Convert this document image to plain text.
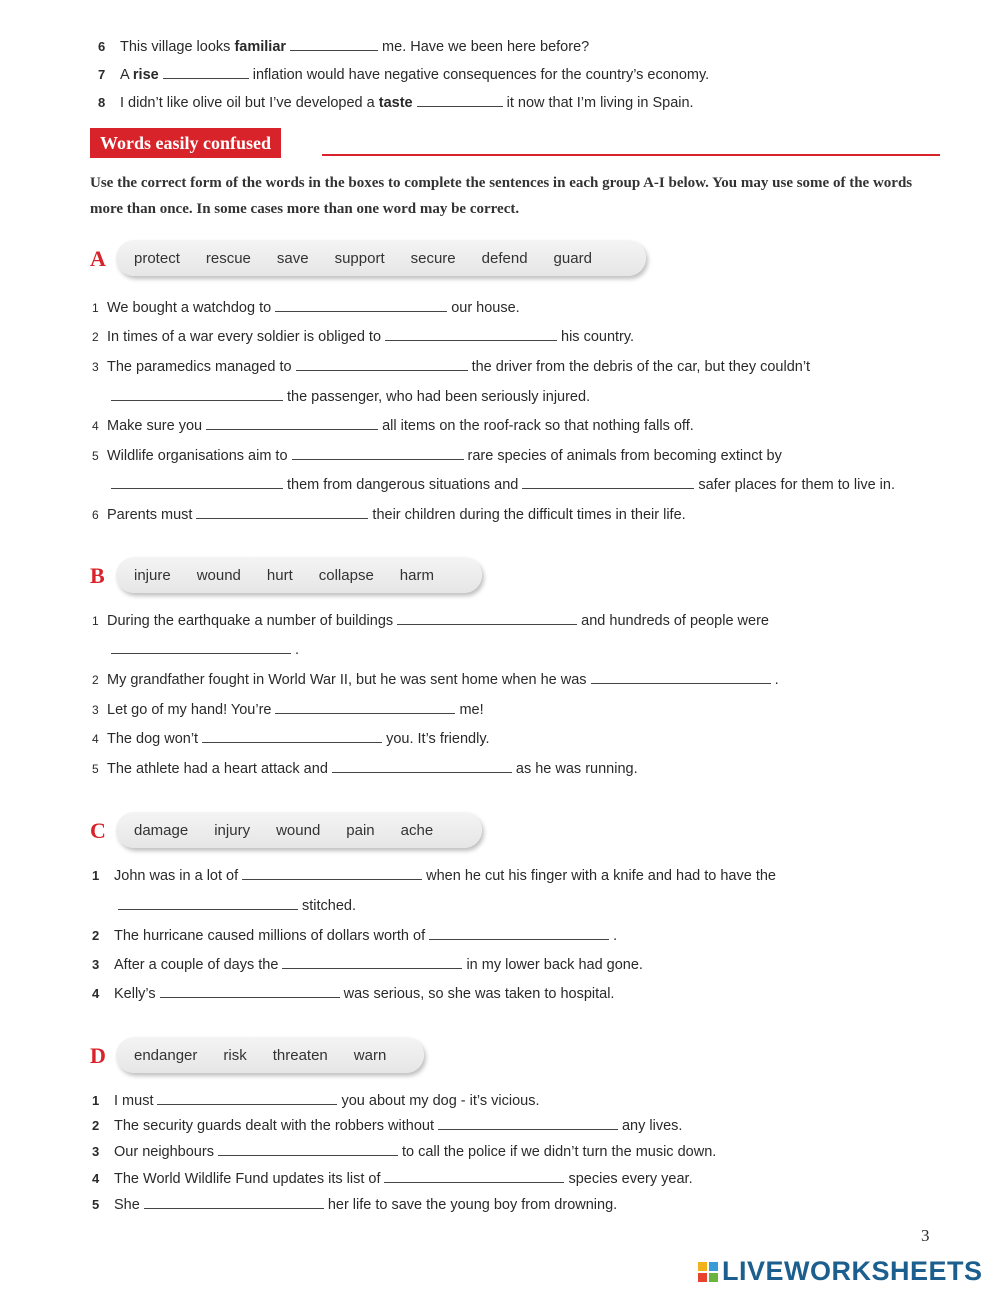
6 This village looks familiar	me. Have we been here before?
7 A rise	inflation would have negative consequences for the country’s economy.
8 I didn’t like olive oil but I’ve developed a taste	it now that I’m living in Spain.
Words easily confused
Use the correct form of the words in the boxes to complete the sentences in each group A-I below. You may use some of the words more than once. In some cases more than one word may be correct.
A protect rescue save support secure defend guard
1 We bought a watchdog to	our house.
2 In times of a war every soldier is obliged to	his country.
3 The paramedics managed to	the driver from the debris of the car, but they couldn’t
the passenger, who had been seriously injured.
4 Make sure you	all items on the roof-rack so that nothing falls off.
5 Wildlife organisations aim to	rare species of animals from becoming extinct by
them from dangerous situations and	safer places for them to live in.
6 Parents must	their children during the difficult times in their life.
B injure wound hurt collapse harm
1 During the earthquake a number of buildings	and hundreds of people were
.
2 My grandfather fought in World War II, but he was sent home when he was	.
3 Let go of my hand! You’re	me!
4 The dog won’t	you. It’s friendly.
5 The athlete had a heart attack and	as he was running.
C damage injury wound pain ache
1 John was in a lot of	when he cut his finger with a knife and had to have the
stitched.
2 The hurricane caused millions of dollars worth of	.
3 After a couple of days the	in my lower back had gone.
4 Kelly’s	was serious, so she was taken to hospital.
D endanger risk threaten warn
1 I must	you about my dog - it’s vicious.
2 The security guards dealt with the robbers without	any lives.
3 Our neighbours	to call the police if we didn’t turn the music down.
4 The World Wildlife Fund updates its list of	species every year.
5 She	her life to save the young boy from drowning.
3
LIVEWORKSHEETS
